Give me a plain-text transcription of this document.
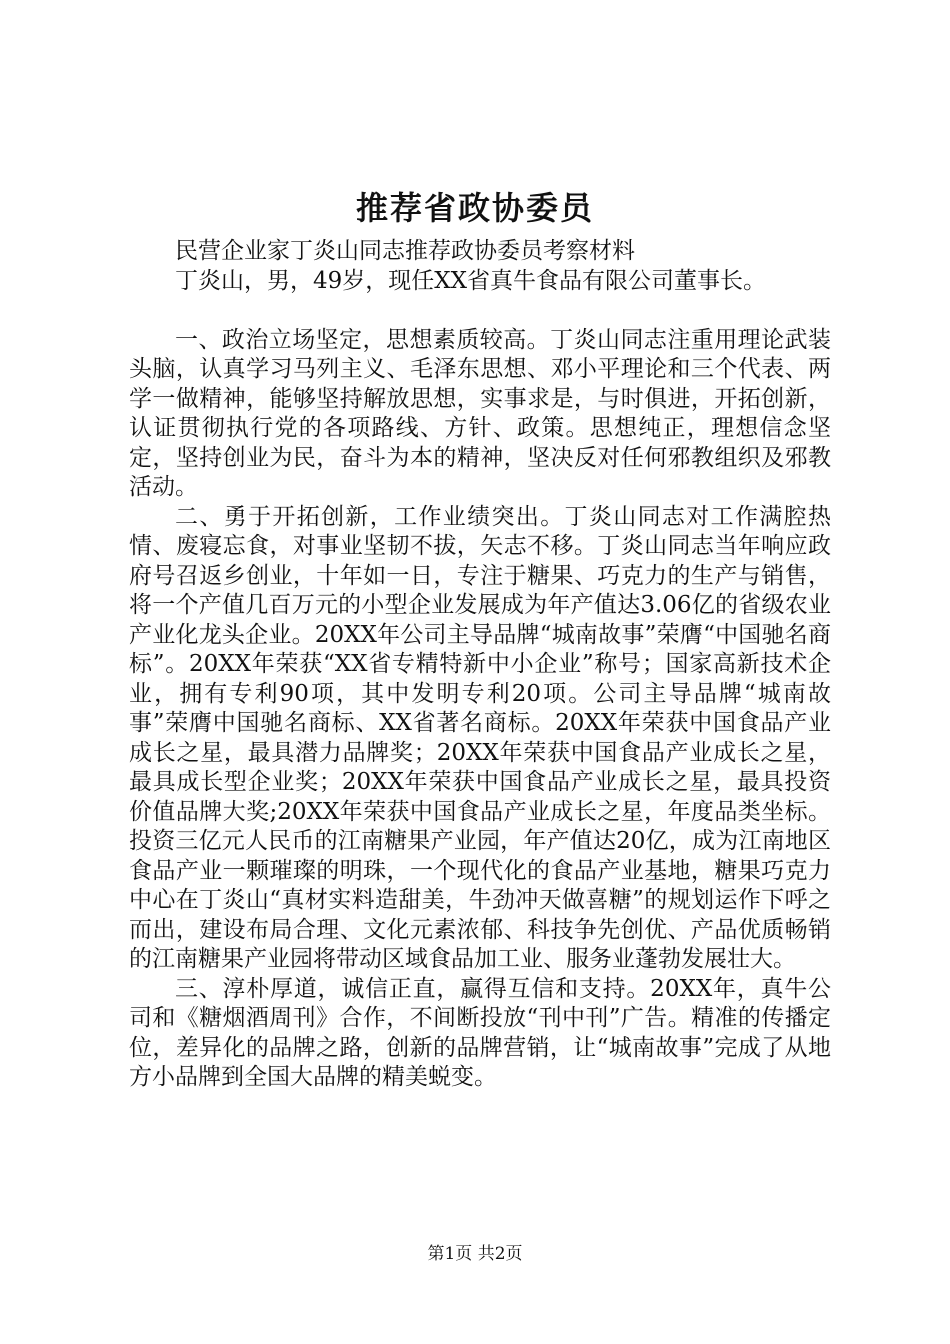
推荐省政协委员

民营企业家丁炎山同志推荐政协委员考察材料

丁炎山，男，49岁，现任XX省真牛食品有限公司董事长。

一、政治立场坚定，思想素质较高。丁炎山同志注重用理论武装头脑，认真学习马列主义、毛泽东思想、邓小平理论和三个代表、两学一做精神，能够坚持解放思想，实事求是，与时俱进，开拓创新，认证贯彻执行党的各项路线、方针、政策。思想纯正，理想信念坚定，坚持创业为民，奋斗为本的精神，坚决反对任何邪教组织及邪教活动。

二、勇于开拓创新，工作业绩突出。丁炎山同志对工作满腔热情、废寝忘食，对事业坚韧不拔，矢志不移。丁炎山同志当年响应政府号召返乡创业，十年如一日，专注于糖果、巧克力的生产与销售，将一个产值几百万元的小型企业发展成为年产值达3.06亿的省级农业产业化龙头企业。20XX年公司主导品牌“城南故事”荣膺“中国驰名商标”。20XX年荣获“XX省专精特新中小企业”称号；国家高新技术企业，拥有专利90项，其中发明专利20项。公司主导品牌“城南故事”荣膺中国驰名商标、XX省著名商标。20XX年荣获中国食品产业成长之星，最具潜力品牌奖；20XX年荣获中国食品产业成长之星，最具成长型企业奖；20XX年荣获中国食品产业成长之星，最具投资价值品牌大奖;20XX年荣获中国食品产业成长之星，年度品类坐标。投资三亿元人民币的江南糖果产业园，年产值达20亿，成为江南地区食品产业一颗璀璨的明珠，一个现代化的食品产业基地，糖果巧克力中心在丁炎山“真材实料造甜美，牛劲冲天做喜糖”的规划运作下呼之而出，建设布局合理、文化元素浓郁、科技争先创优、产品优质畅销的江南糖果产业园将带动区域食品加工业、服务业蓬勃发展壮大。

三、淳朴厚道，诚信正直，赢得互信和支持。20XX年，真牛公司和《糖烟酒周刊》合作，不间断投放“刊中刊”广告。精准的传播定位，差异化的品牌之路，创新的品牌营销，让“城南故事”完成了从地方小品牌到全国大品牌的精美蜕变。

第1页 共2页
